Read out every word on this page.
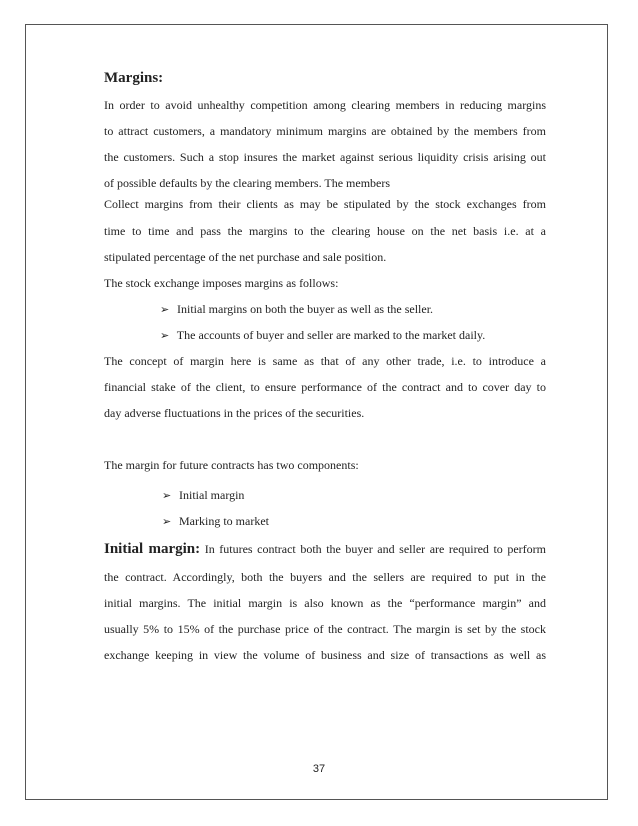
Margins:
In order to avoid unhealthy competition among clearing members in reducing margins
to attract customers, a mandatory minimum margins are obtained by the members from
the customers. Such a stop insures the market against serious liquidity crisis arising out
of possible defaults by the clearing members. The members
Collect margins from their clients as may be stipulated by the stock exchanges from
time to time and pass the margins to the clearing house on the net basis i.e. at a
stipulated percentage of the net purchase and sale position.
The stock exchange imposes margins as follows:
➢ Initial margins on both the buyer as well as the seller.
➢ The accounts of buyer and seller are marked to the market daily.
The concept of margin here is same as that of any other trade, i.e. to introduce a
financial stake of the client, to ensure performance of the contract and to cover day to
day adverse fluctuations in the prices of the securities.
The margin for future contracts has two components:
➢ Initial margin
➢ Marking to market
Initial margin: In futures contract both the buyer and seller are required to perform
the contract. Accordingly, both the buyers and the sellers are required to put in the
initial margins. The initial margin is also known as the “performance margin” and
usually 5% to 15% of the purchase price of the contract. The margin is set by the stock
exchange keeping in view the volume of business and size of transactions as well as
37
